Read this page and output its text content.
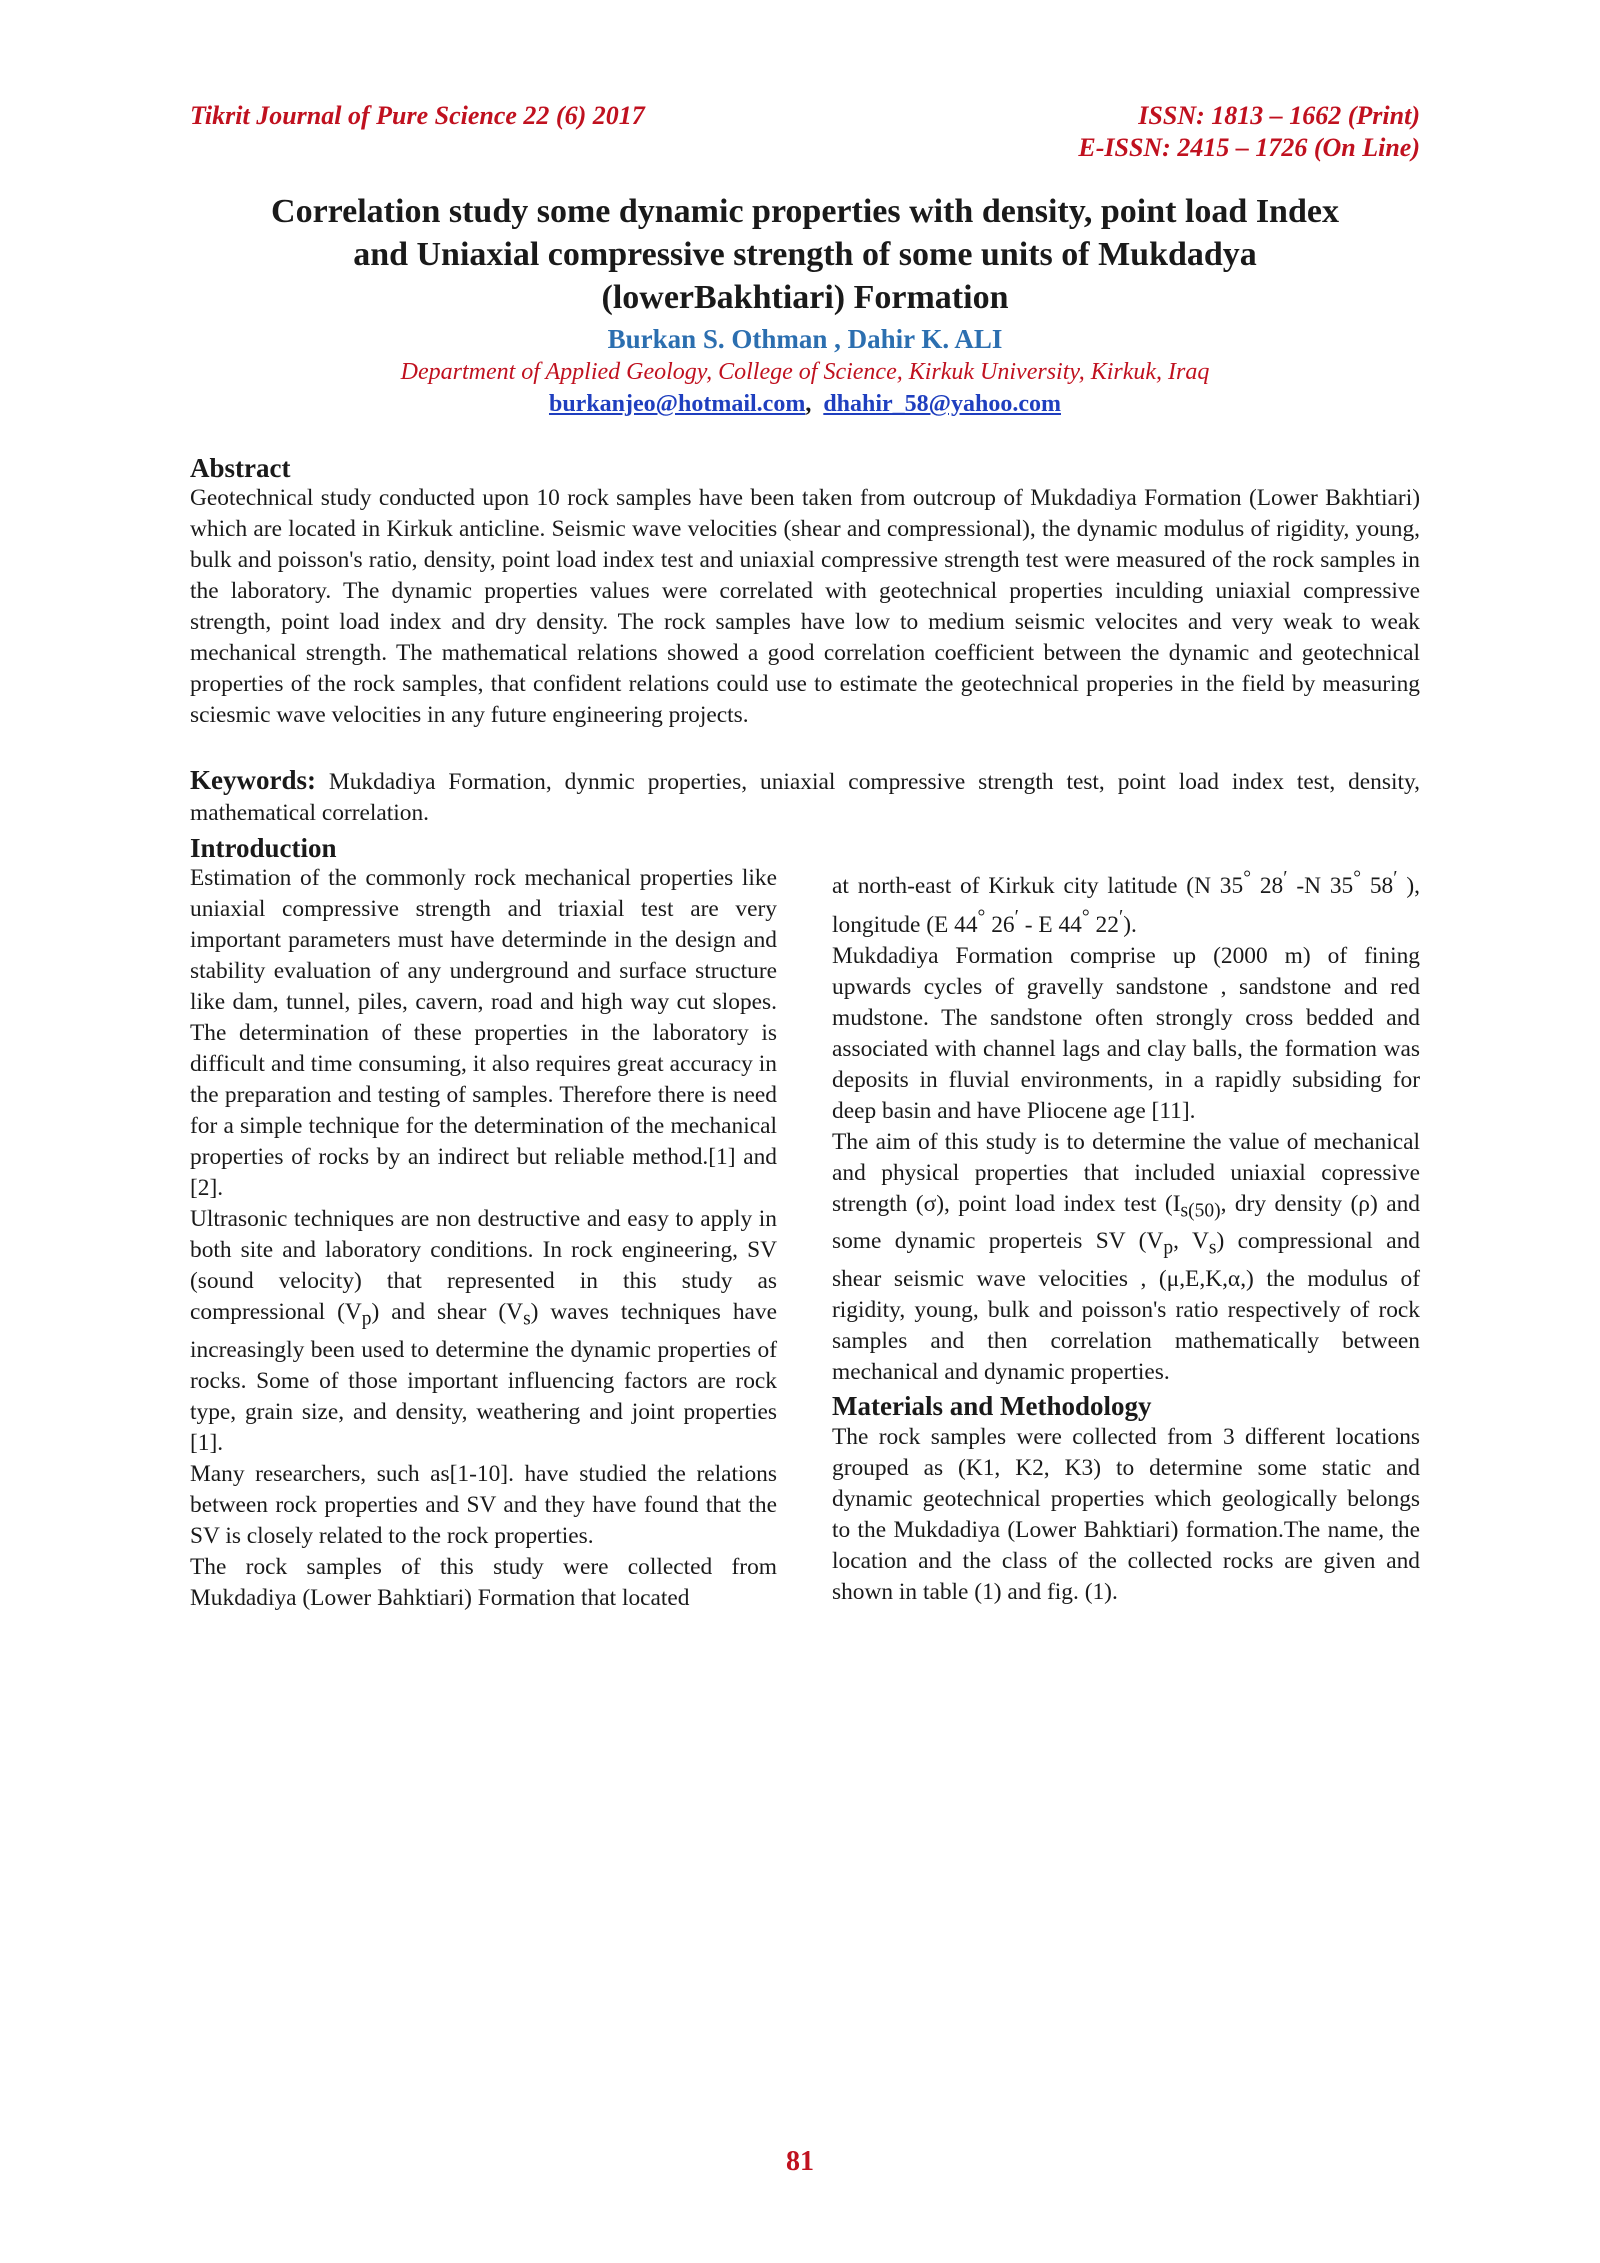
Tikrit Journal of Pure Science 22 (6) 2017	ISSN: 1813 – 1662 (Print)
E-ISSN: 2415 – 1726 (On Line)
Correlation study some dynamic properties with density, point load Index
and Uniaxial compressive strength of some units of Mukdadya
(lowerBakhtiari) Formation
Burkan S. Othman , Dahir K. ALI
Department of Applied Geology, College of Science, Kirkuk University, Kirkuk, Iraq
burkanjeo@hotmail.com, dhahir_58@yahoo.com
Abstract
Geotechnical study conducted upon 10 rock samples have been taken from outcroup of Mukdadiya Formation (Lower Bakhtiari) which are located in Kirkuk anticline. Seismic wave velocities (shear and compressional), the dynamic modulus of rigidity, young, bulk and poisson's ratio, density, point load index test and uniaxial compressive strength test were measured of the rock samples in the laboratory. The dynamic properties values were correlated with geotechnical properties inculding uniaxial compressive strength, point load index and dry density. The rock samples have low to medium seismic velocites and very weak to weak mechanical strength. The mathematical relations showed a good correlation coefficient between the dynamic and geotechnical properties of the rock samples, that confident relations could use to estimate the geotechnical properies in the field by measuring sciesmic wave velocities in any future engineering projects.
Keywords: Mukdadiya Formation, dynmic properties, uniaxial compressive strength test, point load index test, density, mathematical correlation.
Introduction

Estimation of the commonly rock mechanical properties like uniaxial compressive strength and triaxial test are very important parameters must have determinde in the design and stability evaluation of any underground and surface structure like dam, tunnel, piles, cavern, road and high way cut slopes. The determination of these properties in the laboratory is difficult and time consuming, it also requires great accuracy in the preparation and testing of samples. Therefore there is need for a simple technique for the determination of the mechanical properties of rocks by an indirect but reliable method.[1] and [2].

Ultrasonic techniques are non destructive and easy to apply in both site and laboratory conditions. In rock engineering, SV (sound velocity) that represented in this study as compressional $(V_p)$ and shear $(V_s)$ waves techniques have increasingly been used to determine the dynamic properties of rocks. Some of those important influencing factors are rock type, grain size, and density, weathering and joint properties [1].

Many researchers, such as[1-10]. have studied the relations between rock properties and SV and they have found that the SV is closely related to the rock properties.

The rock samples of this study were collected from Mukdadiya (Lower Bahktiari) Formation that located

at north-east of Kirkuk city latitude (N 35° 28′ -N 35° 58′ ), longitude (E 44° 26′ - E 44° 22′).

Mukdadiya Formation comprise up (2000 m) of fining upwards cycles of gravelly sandstone , sandstone and red mudstone. The sandstone often strongly cross bedded and associated with channel lags and clay balls, the formation was deposits in fluvial environments, in a rapidly subsiding for deep basin and have Pliocene age [11].

The aim of this study is to determine the value of mechanical and physical properties that included uniaxial copressive strength (σ), point load index test ($I_{s(50)}$, dry density (ρ) and some dynamic properteis SV ($V_p$, $V_s$) compressional and shear seismic wave velocities , (μ,E,K,α,) the modulus of rigidity, young, bulk and poisson's ratio respectively of rock samples and then correlation mathematically between mechanical and dynamic properties.

Materials and Methodology

The rock samples were collected from 3 different locations grouped as (K1, K2, K3) to determine some static and dynamic geotechnical properties which geologically belongs to the Mukdadiya (Lower Bahktiari) formation.The name, the location and the class of the collected rocks are given and shown in table (1) and fig. (1).

81
